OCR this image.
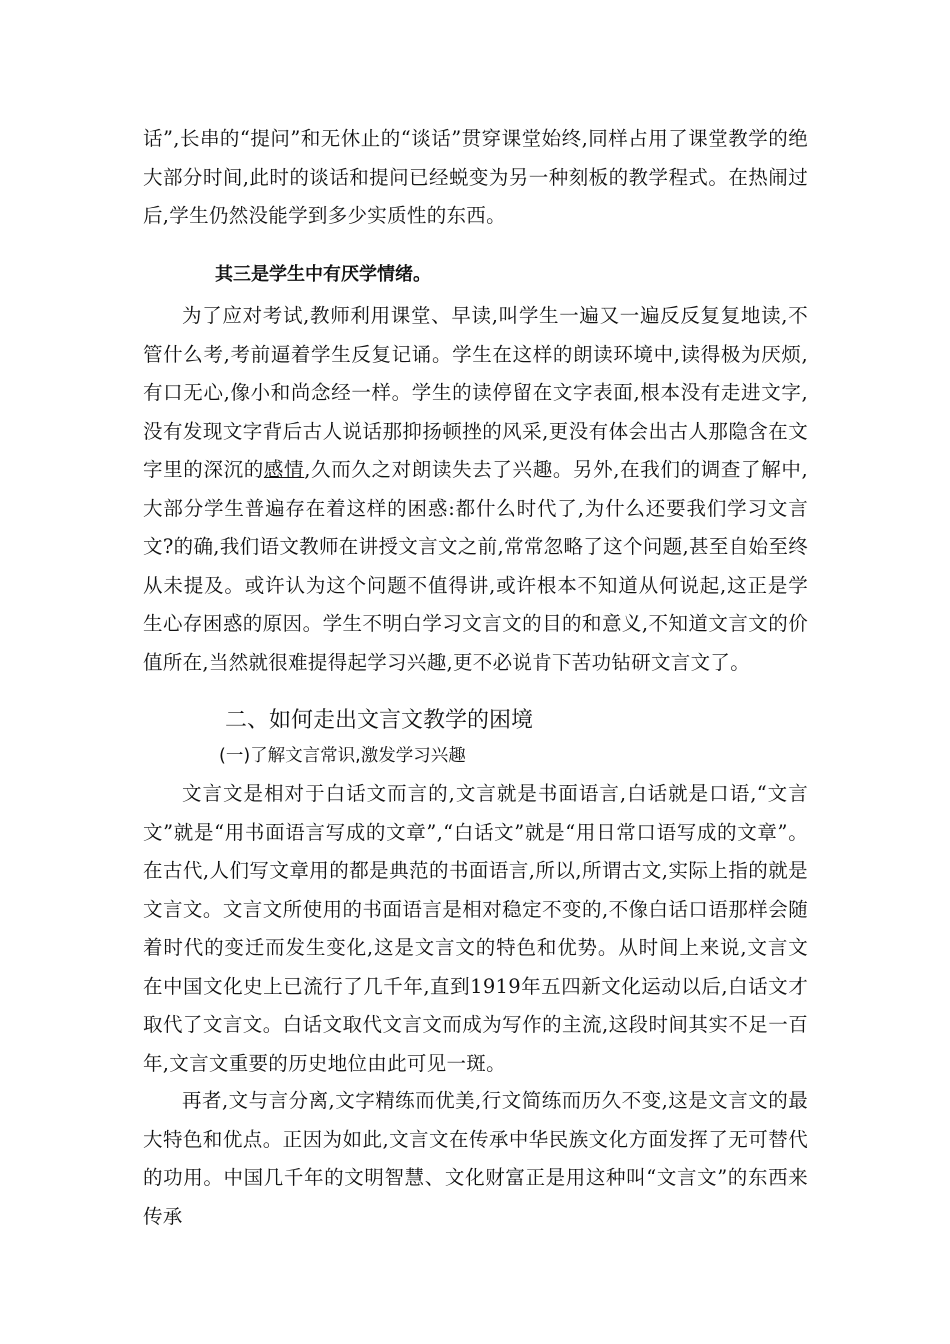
话”,长串的“提问”和无休止的“谈话”贯穿课堂始终,同样占用了课堂教学的绝大部分时间,此时的谈话和提问已经蜕变为另一种刻板的教学程式。在热闹过后,学生仍然没能学到多少实质性的东西。

其三是学生中有厌学情绪。

为了应对考试,教师利用课堂、早读,叫学生一遍又一遍反反复复地读,不管什么考,考前逼着学生反复记诵。学生在这样的朗读环境中,读得极为厌烦,有口无心,像小和尚念经一样。学生的读停留在文字表面,根本没有走进文字,没有发现文字背后古人说话那抑扬顿挫的风采,更没有体会出古人那隐含在文字里的深沉的感情,久而久之对朗读失去了兴趣。另外,在我们的调查了解中,大部分学生普遍存在着这样的困惑:都什么时代了,为什么还要我们学习文言文?的确,我们语文教师在讲授文言文之前,常常忽略了这个问题,甚至自始至终从未提及。或许认为这个问题不值得讲,或许根本不知道从何说起,这正是学生心存困惑的原因。学生不明白学习文言文的目的和意义,不知道文言文的价值所在,当然就很难提得起学习兴趣,更不必说肯下苦功钻研文言文了。

二、如何走出文言文教学的困境
(一)了解文言常识,激发学习兴趣

文言文是相对于白话文而言的,文言就是书面语言,白话就是口语,“文言文”就是“用书面语言写成的文章”,“白话文”就是“用日常口语写成的文章”。在古代,人们写文章用的都是典范的书面语言,所以,所谓古文,实际上指的就是文言文。文言文所使用的书面语言是相对稳定不变的,不像白话口语那样会随着时代的变迁而发生变化,这是文言文的特色和优势。从时间上来说,文言文在中国文化史上已流行了几千年,直到1919年五四新文化运动以后,白话文才取代了文言文。白话文取代文言文而成为写作的主流,这段时间其实不足一百年,文言文重要的历史地位由此可见一斑。

再者,文与言分离,文字精练而优美,行文简练而历久不变,这是文言文的最大特色和优点。正因为如此,文言文在传承中华民族文化方面发挥了无可替代的功用。中国几千年的文明智慧、文化财富正是用这种叫“文言文”的东西来传承
